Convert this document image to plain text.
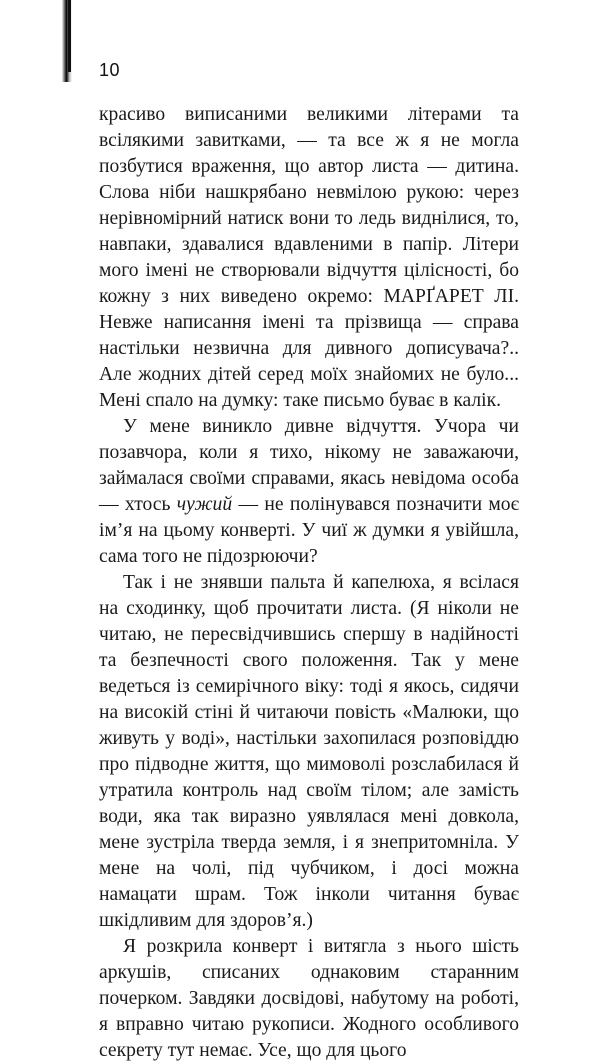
10

красиво виписаними великими літерами та всілякими завитками, — та все ж я не могла позбутися враження, що автор листа — дитина. Слова ніби нашкрябано невмілою рукою: через нерівномірний натиск вони то ледь виднілися, то, навпаки, здавалися вдавленими в папір. Літери мого імені не створювали відчуття цілісності, бо кожну з них виведено окремо: МАРҐАРЕТ ЛІ. Невже написання імені та прізвища — справа настільки незвична для дивного дописувача?.. Але жодних дітей серед моїх знайомих не було... Мені спало на думку: таке письмо буває в калік.

У мене виникло дивне відчуття. Учора чи позавчора, коли я тихо, нікому не заважаючи, займалася своїми справами, якась невідома особа — хтось чужий — не полінувався позначити моє ім’я на цьому конверті. У чиї ж думки я увійшла, сама того не підозрюючи?

Так і не знявши пальта й капелюха, я всілася на сходинку, щоб прочитати листа. (Я ніколи не читаю, не пересвідчившись спершу в надійності та безпечності свого положення. Так у мене ведеться із семирічного віку: тоді я якось, сидячи на високій стіні й читаючи повість «Малюки, що живуть у воді», настільки захопилася розповіддю про підводне життя, що мимоволі розслабилася й утратила контроль над своїм тілом; але замість води, яка так виразно уявлялася мені довкола, мене зустріла тверда земля, і я знепритомніла. У мене на чолі, під чубчиком, і досі можна намацати шрам. Тож інколи читання буває шкідливим для здоров’я.)

Я розкрила конверт і витягла з нього шість аркушів, списаних однаковим старанним почерком. Завдяки досвідові, набутому на роботі, я вправно читаю рукописи. Жодного особливого секрету тут немає. Усе, що для цього
